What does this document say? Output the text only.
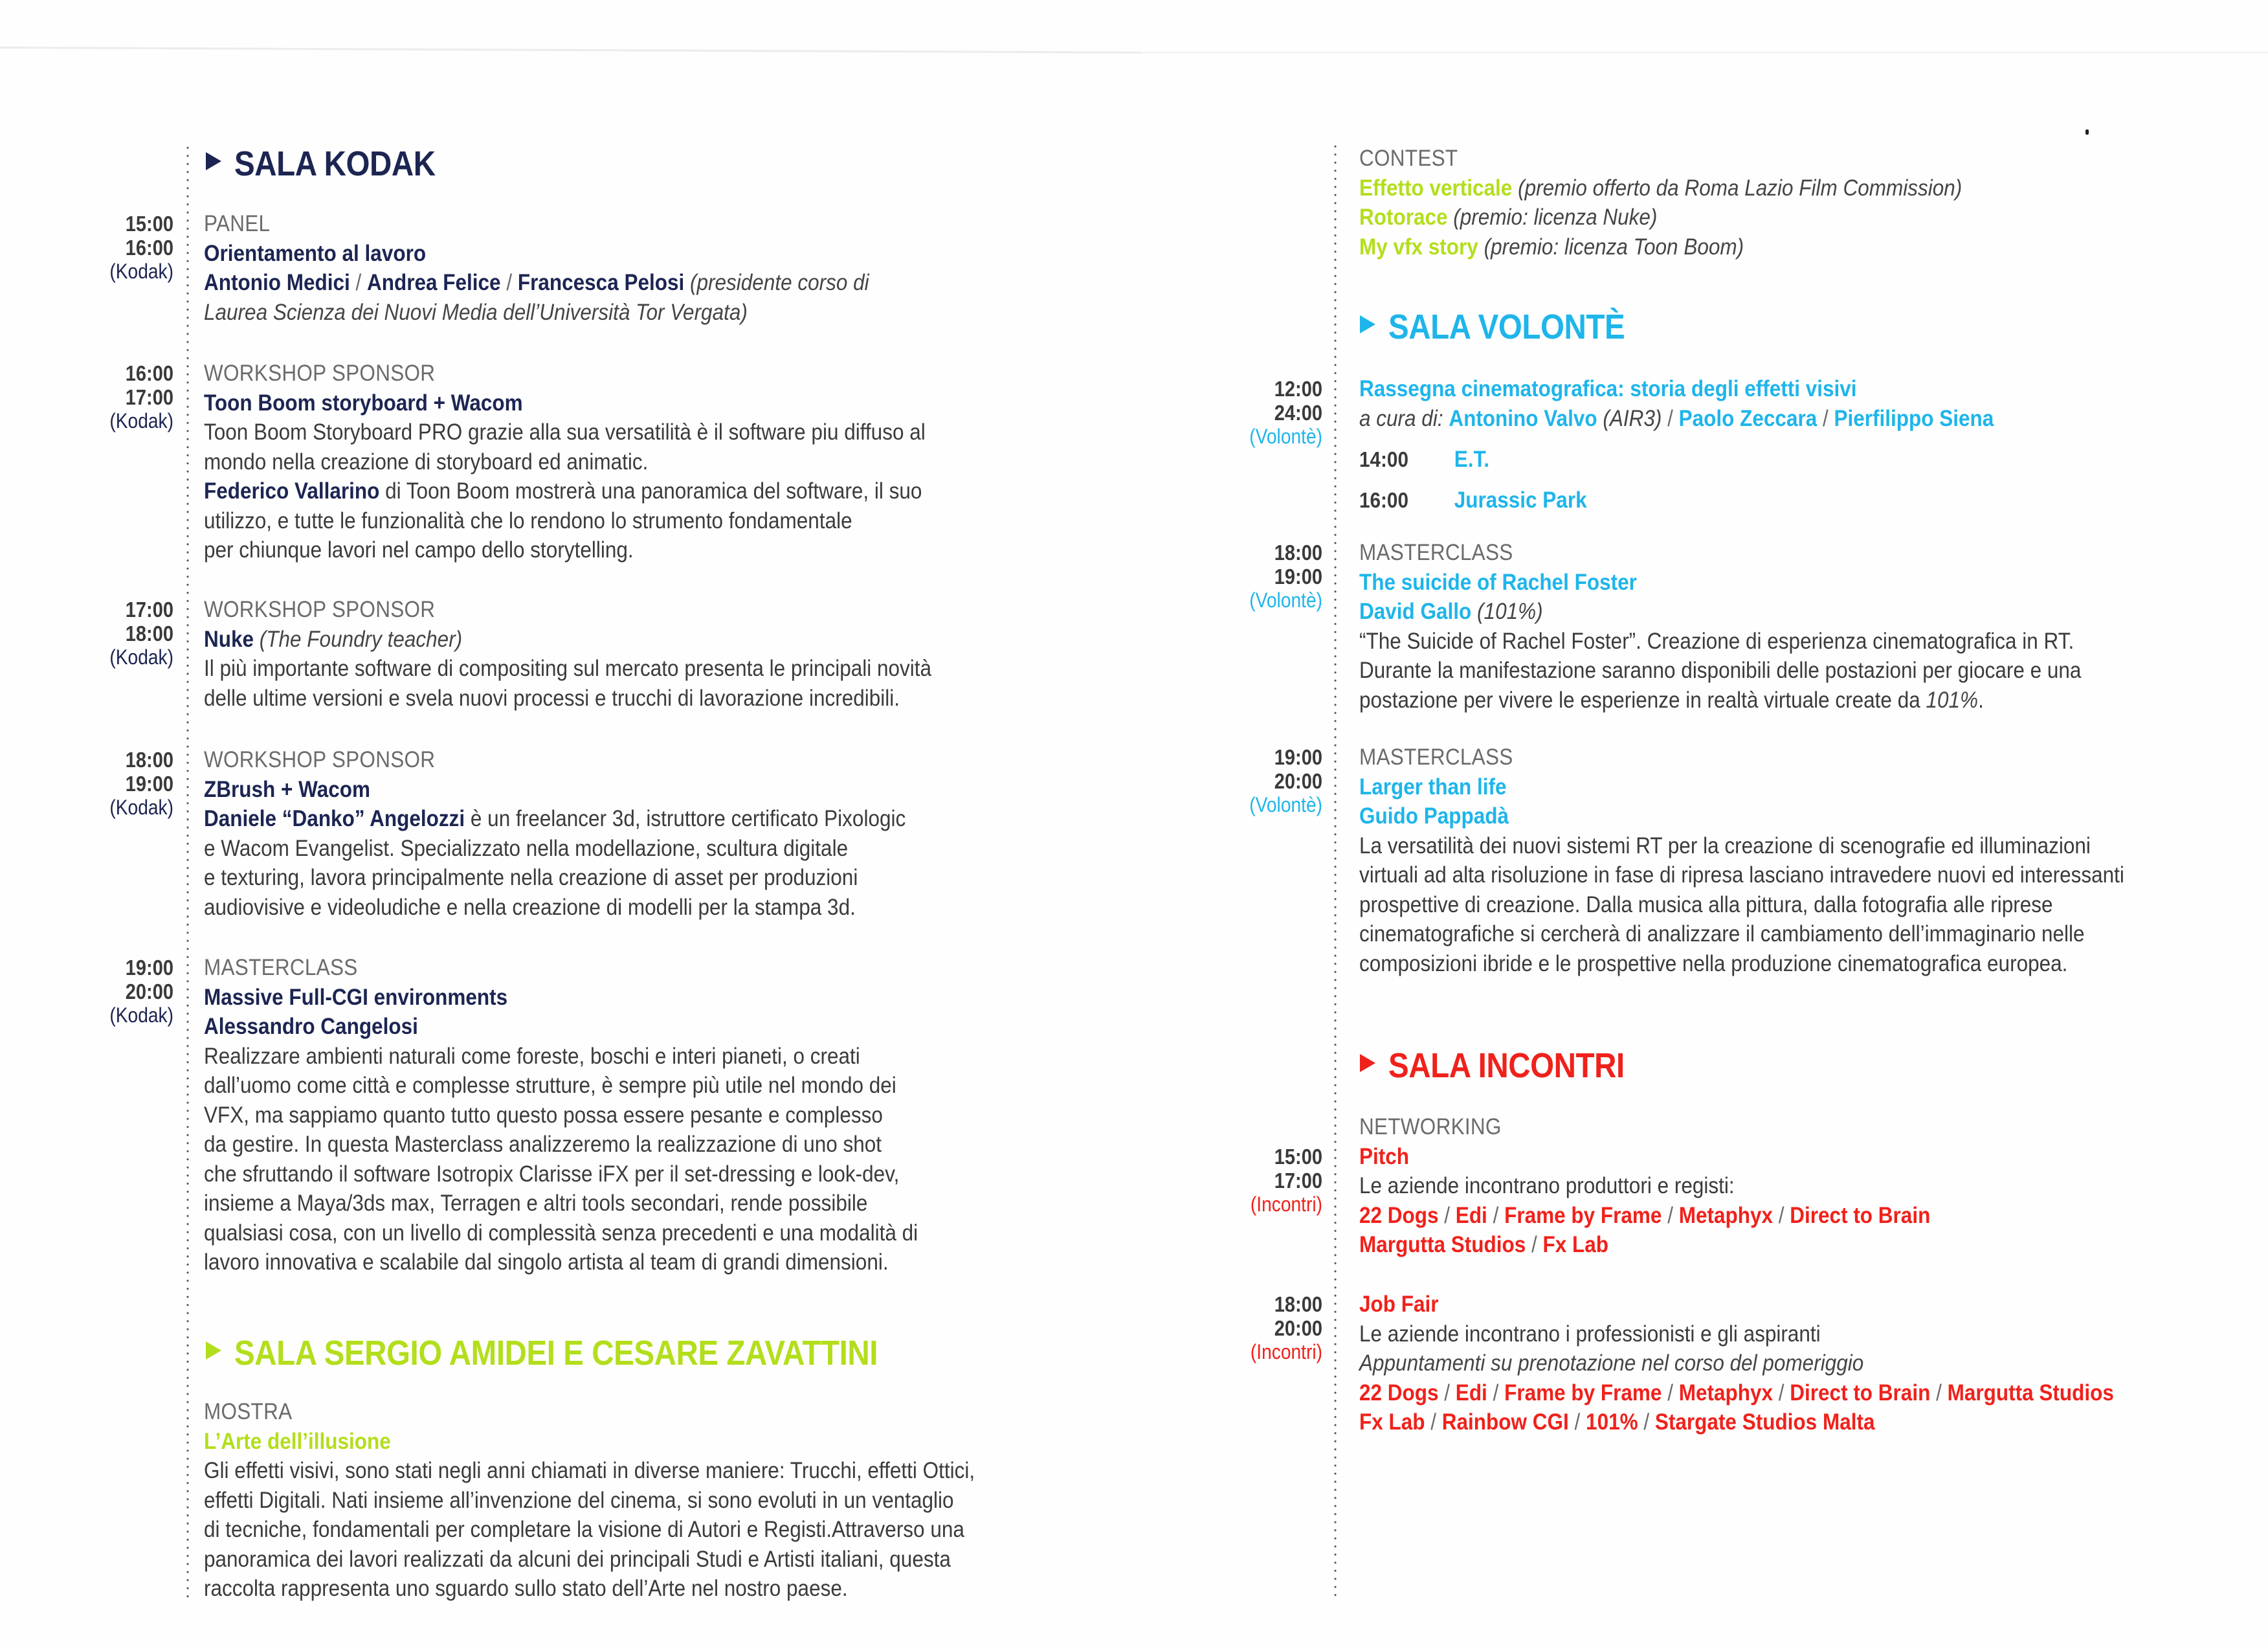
SALA KODAK
15:00
16:00
(Kodak)
PANEL
Orientamento al lavoro
Antonio Medici / Andrea Felice / Francesca Pelosi (presidente corso di
Laurea Scienza dei Nuovi Media dell’Università Tor Vergata)
16:00
17:00
(Kodak)
WORKSHOP SPONSOR
Toon Boom storyboard + Wacom
Toon Boom Storyboard PRO grazie alla sua versatilità è il software piu diffuso al
mondo nella creazione di storyboard ed animatic.
Federico Vallarino di Toon Boom mostrerà una panoramica del software, il suo
utilizzo, e tutte le funzionalità che lo rendono lo strumento fondamentale
per chiunque lavori nel campo dello storytelling.
17:00
18:00
(Kodak)
WORKSHOP SPONSOR
Nuke (The Foundry teacher)
Il più importante software di compositing sul mercato presenta le principali novità
delle ultime versioni e svela nuovi processi e trucchi di lavorazione incredibili.
18:00
19:00
(Kodak)
WORKSHOP SPONSOR
ZBrush + Wacom
Daniele “Danko” Angelozzi è un freelancer 3d, istruttore certificato Pixologic
e Wacom Evangelist. Specializzato nella modellazione, scultura digitale
e texturing, lavora principalmente nella creazione di asset per produzioni
audiovisive e videoludiche e nella creazione di modelli per la stampa 3d.
19:00
20:00
(Kodak)
MASTERCLASS
Massive Full-CGI environments
Alessandro Cangelosi
Realizzare ambienti naturali come foreste, boschi e interi pianeti, o creati
dall’uomo come città e complesse strutture, è sempre più utile nel mondo dei
VFX, ma sappiamo quanto tutto questo possa essere pesante e complesso
da gestire. In questa Masterclass analizzeremo la realizzazione di uno shot
che sfruttando il software Isotropix Clarisse iFX per il set-dressing e look-dev,
insieme a Maya/3ds max, Terragen e altri tools secondari, rende possibile
qualsiasi cosa, con un livello di complessità senza precedenti e una modalità di
lavoro innovativa e scalabile dal singolo artista al team di grandi dimensioni.
SALA SERGIO AMIDEI E CESARE ZAVATTINI
MOSTRA
L’Arte dell’illusione
Gli effetti visivi, sono stati negli anni chiamati in diverse maniere: Trucchi, effetti Ottici,
effetti Digitali. Nati insieme all’invenzione del cinema, si sono evoluti in un ventaglio
di tecniche, fondamentali per completare la visione di Autori e Registi.Attraverso una
panoramica dei lavori realizzati da alcuni dei principali Studi e Artisti italiani, questa
raccolta rappresenta uno sguardo sullo stato dell’Arte nel nostro paese.
CONTEST
Effetto verticale (premio offerto da Roma Lazio Film Commission)
Rotorace (premio: licenza Nuke)
My vfx story (premio: licenza Toon Boom)
SALA VOLONTÈ
12:00
24:00
(Volontè)
Rassegna cinematografica: storia degli effetti visivi
a cura di: Antonino Valvo (AIR3) / Paolo Zeccara / Pierfilippo Siena
14:00 E.T.
16:00 Jurassic Park
18:00
19:00
(Volontè)
MASTERCLASS
The suicide of Rachel Foster
David Gallo (101%)
“The Suicide of Rachel Foster”. Creazione di esperienza cinematografica in RT.
Durante la manifestazione saranno disponibili delle postazioni per giocare e una
postazione per vivere le esperienze in realtà virtuale create da 101%.
19:00
20:00
(Volontè)
MASTERCLASS
Larger than life
Guido Pappadà
La versatilità dei nuovi sistemi RT per la creazione di scenografie ed illuminazioni
virtuali ad alta risoluzione in fase di ripresa lasciano intravedere nuovi ed interessanti
prospettive di creazione. Dalla musica alla pittura, dalla fotografia alle riprese
cinematografiche si cercherà di analizzare il cambiamento dell’immaginario nelle
composizioni ibride e le prospettive nella produzione cinematografica europea.
SALA INCONTRI
NETWORKING
15:00
17:00
(Incontri)
Pitch
Le aziende incontrano produttori e registi:
22 Dogs / Edi / Frame by Frame / Metaphyx / Direct to Brain
Margutta Studios / Fx Lab
18:00
20:00
(Incontri)
Job Fair
Le aziende incontrano i professionisti e gli aspiranti
Appuntamenti su prenotazione nel corso del pomeriggio
22 Dogs / Edi / Frame by Frame / Metaphyx / Direct to Brain / Margutta Studios
Fx Lab / Rainbow CGI / 101% / Stargate Studios Malta
